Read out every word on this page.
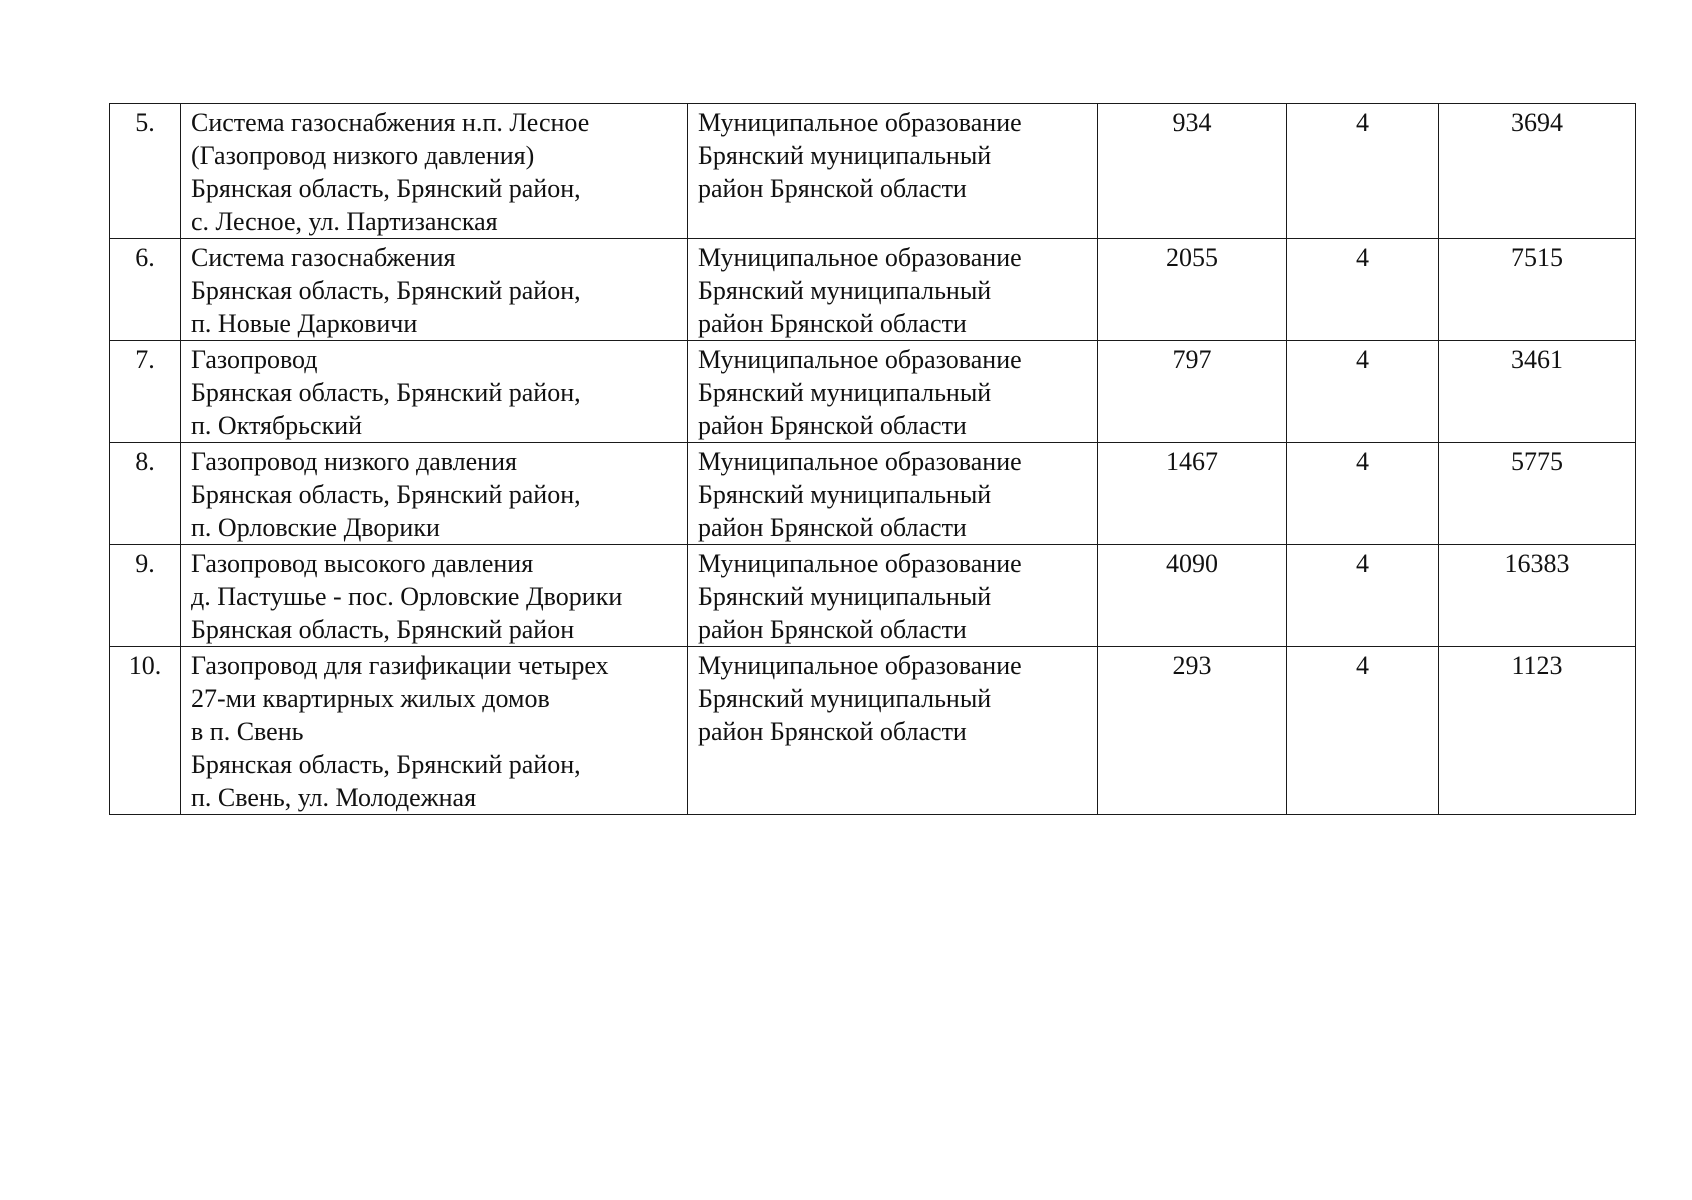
5.	Система газоснабжения н.п. Лесное
(Газопровод низкого давления)
Брянская область, Брянский район,
с. Лесное, ул. Партизанская	Муниципальное образование
Брянский муниципальный
район Брянской области	934	4	3694
6.	Система газоснабжения
Брянская область, Брянский район,
п. Новые Дарковичи	Муниципальное образование
Брянский муниципальный
район Брянской области	2055	4	7515
7.	Газопровод
Брянская область, Брянский район,
п. Октябрьский	Муниципальное образование
Брянский муниципальный
район Брянской области	797	4	3461
8.	Газопровод низкого давления
Брянская область, Брянский район,
п. Орловские Дворики	Муниципальное образование
Брянский муниципальный
район Брянской области	1467	4	5775
9.	Газопровод высокого давления
д. Пастушье - пос. Орловские Дворики
Брянская область, Брянский район	Муниципальное образование
Брянский муниципальный
район Брянской области	4090	4	16383
10.	Газопровод для газификации четырех
27-ми квартирных жилых домов
в п. Свень
Брянская область, Брянский район,
п. Свень, ул. Молодежная	Муниципальное образование
Брянский муниципальный
район Брянской области	293	4	1123
